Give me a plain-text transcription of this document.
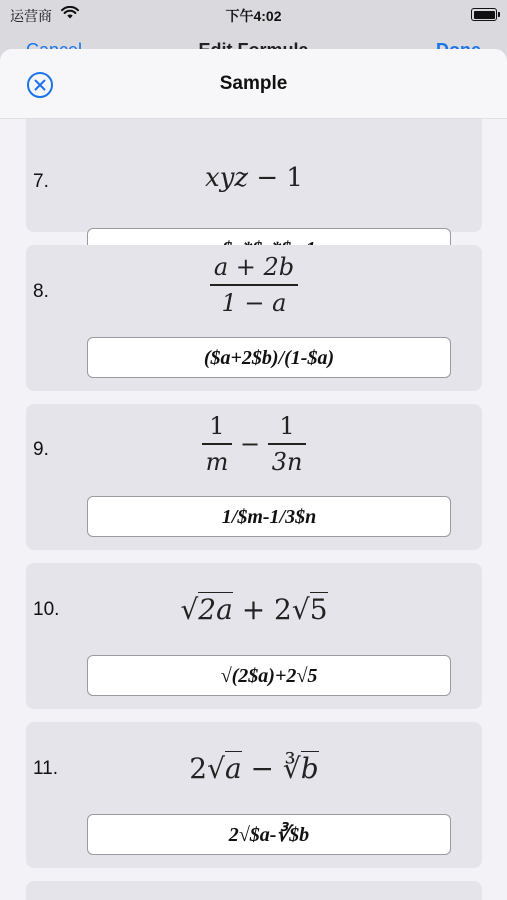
运营商	下午4:02
7.	xyz − 1
8.	$\frac{a + 2b}{1 - a}$
($a+2$b)/(1-$a)
9.	$\frac{1}{m} - \frac{1}{3n}$
1/$m-1/3$n
10.	√2a + 2√5
√(2$a)+2√5
11.	2√a − ∛b
2√$a-∛$b
Sample
